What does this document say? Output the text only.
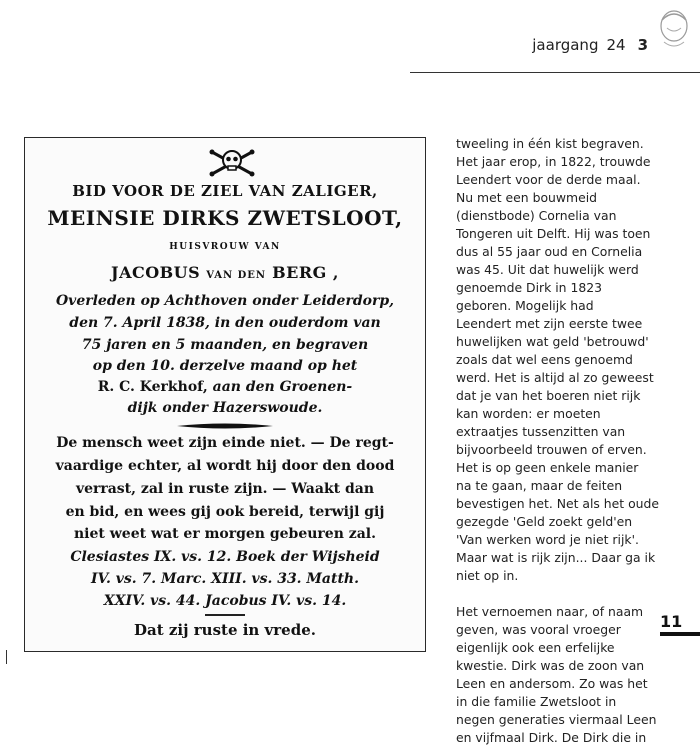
jaargang 24 3
BID VOOR DE ZIEL VAN ZALIGER,
MEINSIE DIRKS ZWETSLOOT,
HUISVROUW VAN
JACOBUS VAN DEN BERG ,
Overleden op Achthoven onder Leiderdorp,
den 7. April 1838, in den ouderdom van
75 jaren en 5 maanden, en begraven
op den 10. derzelve maand op het
R. C. Kerkhof, aan den Groenen-
dijk onder Hazerswoude.
De mensch weet zijn einde niet. — De regt-
vaardige echter, al wordt hij door den dood
verrast, zal in ruste zijn. — Waakt dan
en bid, en wees gij ook bereid, terwijl gij
niet weet wat er morgen gebeuren zal.
Clesiastes IX. vs. 12. Boek der Wijsheid
IV. vs. 7. Marc. XIII. vs. 33. Matth.
XXIV. vs. 44. Jacobus IV. vs. 14.
Dat zij ruste in vrede.
tweeling in één kist begraven.
Het jaar erop, in 1822, trouwde
Leendert voor de derde maal.
Nu met een bouwmeid
(dienstbode) Cornelia van
Tongeren uit Delft. Hij was toen
dus al 55 jaar oud en Cornelia
was 45. Uit dat huwelijk werd
genoemde Dirk in 1823
geboren. Mogelijk had
Leendert met zijn eerste twee
huwelijken wat geld 'betrouwd'
zoals dat wel eens genoemd
werd. Het is altijd al zo geweest
dat je van het boeren niet rijk
kan worden: er moeten
extraatjes tussenzitten van
bijvoorbeeld trouwen of erven.
Het is op geen enkele manier
na te gaan, maar de feiten
bevestigen het. Net als het oude
gezegde 'Geld zoekt geld'en
'Van werken word je niet rijk'.
Maar wat is rijk zijn... Daar ga ik
niet op in.
Het vernoemen naar, of naam
geven, was vooral vroeger
eigenlijk ook een erfelijke
kwestie. Dirk was de zoon van
Leen en andersom. Zo was het
in die familie Zwetsloot in
negen generaties viermaal Leen
en vijfmaal Dirk. De Dirk die in
11
